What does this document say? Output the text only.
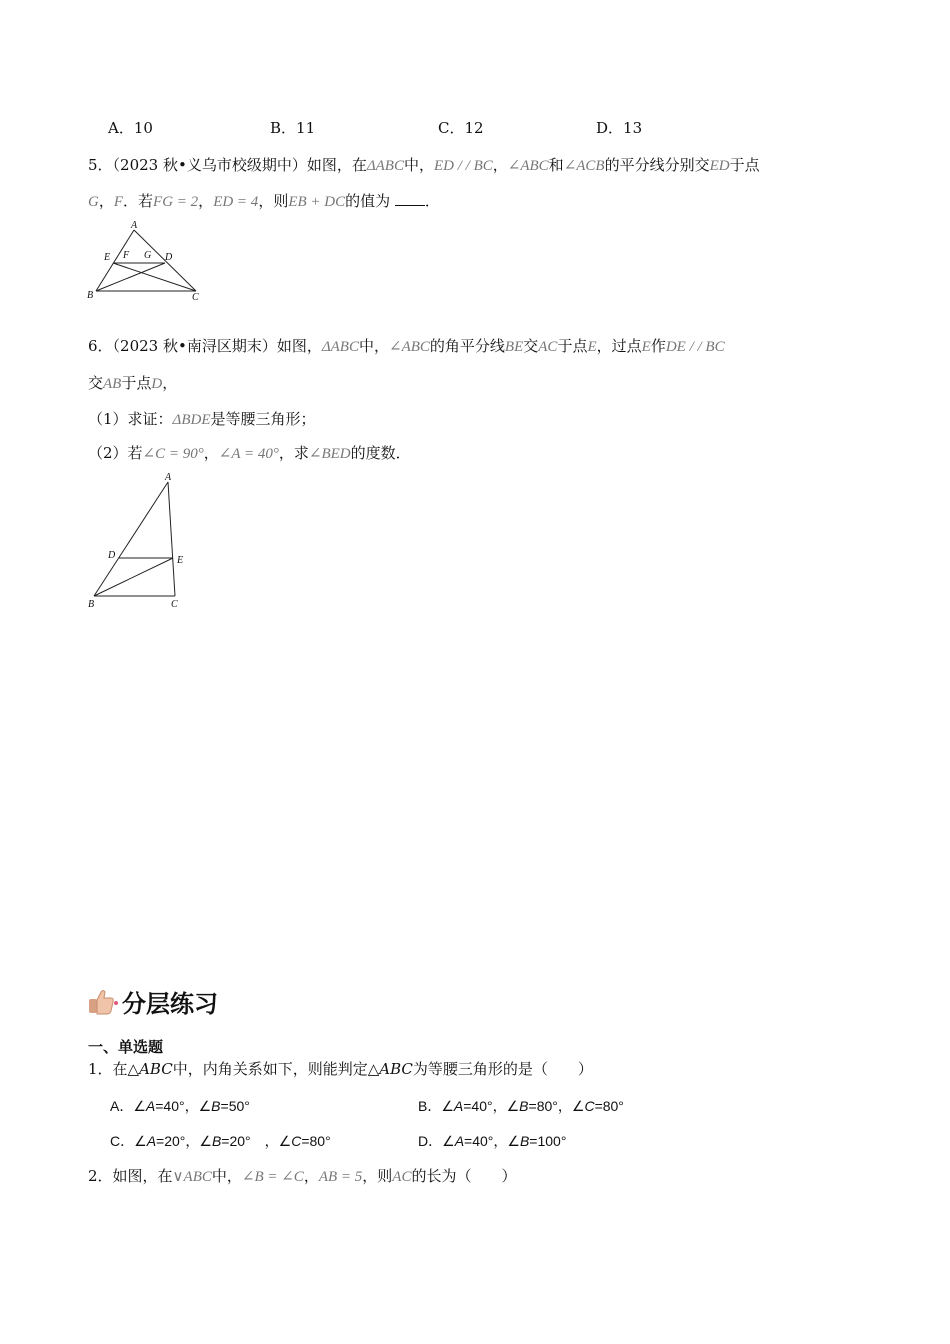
A．10	B．11	C．12	D．13
5．（2023 秋•义乌市校级期中）如图，在ΔABC中，ED / / BC，∠ABC和∠ACB的平分线分别交ED于点
G，F．若FG = 2，ED = 4，则EB + DC的值为 ．
A
E F G D
B	C
6．（2023 秋•南浔区期末）如图，ΔABC中，∠ABC的角平分线BE交AC于点E，过点E作DE / / BC
交AB于点D，
（1）求证：ΔBDE是等腰三角形；
（2）若∠C = 90°，∠A = 40°，求∠BED的度数．
A
D	E
B	C
分层练习
一、单选题
1．在△ABC中，内角关系如下，则能判定△ABC为等腰三角形的是（　　）
A．∠A=40°，∠B=50°	B．∠A=40°，∠B=80°，∠C=80°
C．∠A=20°，∠B=20°　，∠C=80°	D．∠A=40°，∠B=100°
2．如图，在∨ABC中，∠B = ∠C，AB = 5，则AC的长为（　　）
